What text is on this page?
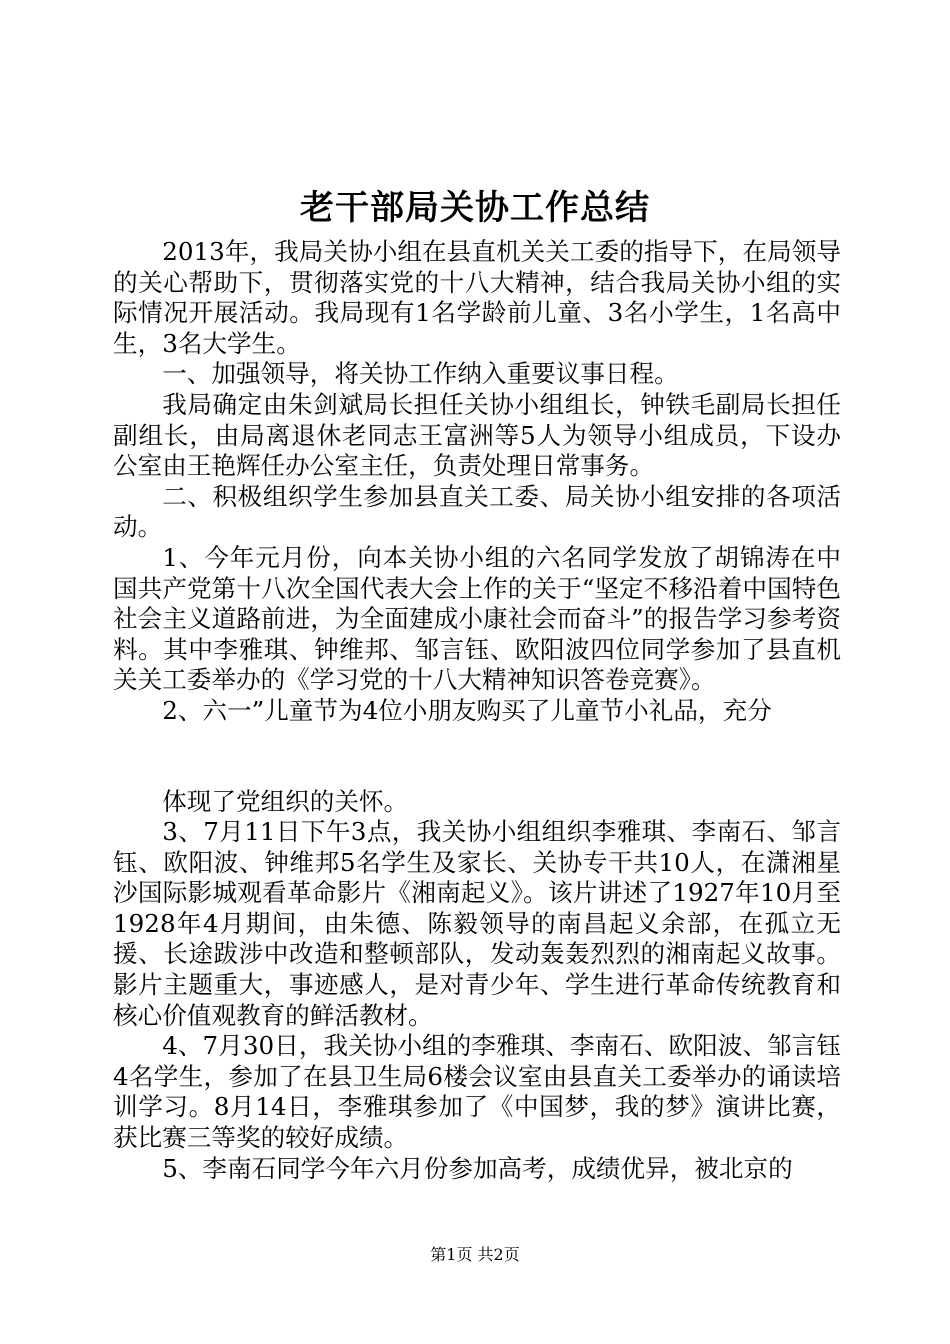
老干部局关协工作总结

2013年，我局关协小组在县直机关关工委的指导下，在局领导的关心帮助下，贯彻落实党的十八大精神，结合我局关协小组的实际情况开展活动。我局现有1名学龄前儿童、3名小学生，1名高中生，3名大学生。

一、加强领导，将关协工作纳入重要议事日程。

我局确定由朱剑斌局长担任关协小组组长，钟铁毛副局长担任副组长，由局离退休老同志王富洲等5人为领导小组成员，下设办公室由王艳辉任办公室主任，负责处理日常事务。

二、积极组织学生参加县直关工委、局关协小组安排的各项活动。

1、今年元月份，向本关协小组的六名同学发放了胡锦涛在中国共产党第十八次全国代表大会上作的关于“坚定不移沿着中国特色社会主义道路前进，为全面建成小康社会而奋斗”的报告学习参考资料。其中李雅琪、钟维邦、邹言钰、欧阳波四位同学参加了县直机关关工委举办的《学习党的十八大精神知识答卷竞赛》。

2、六一”儿童节为4位小朋友购买了儿童节小礼品，充分

体现了党组织的关怀。

3、7月11日下午3点，我关协小组组织李雅琪、李南石、邹言钰、欧阳波、钟维邦5名学生及家长、关协专干共10人，在潇湘星沙国际影城观看革命影片《湘南起义》。该片讲述了1927年10月至1928年4月期间，由朱德、陈毅领导的南昌起义余部，在孤立无援、长途跋涉中改造和整顿部队，发动轰轰烈烈的湘南起义故事。影片主题重大，事迹感人，是对青少年、学生进行革命传统教育和核心价值观教育的鲜活教材。

4、7月30日，我关协小组的李雅琪、李南石、欧阳波、邹言钰4名学生，参加了在县卫生局6楼会议室由县直关工委举办的诵读培训学习。8月14日，李雅琪参加了《中国梦，我的梦》演讲比赛，获比赛三等奖的较好成绩。

5、李南石同学今年六月份参加高考，成绩优异，被北京的

第1页 共2页
